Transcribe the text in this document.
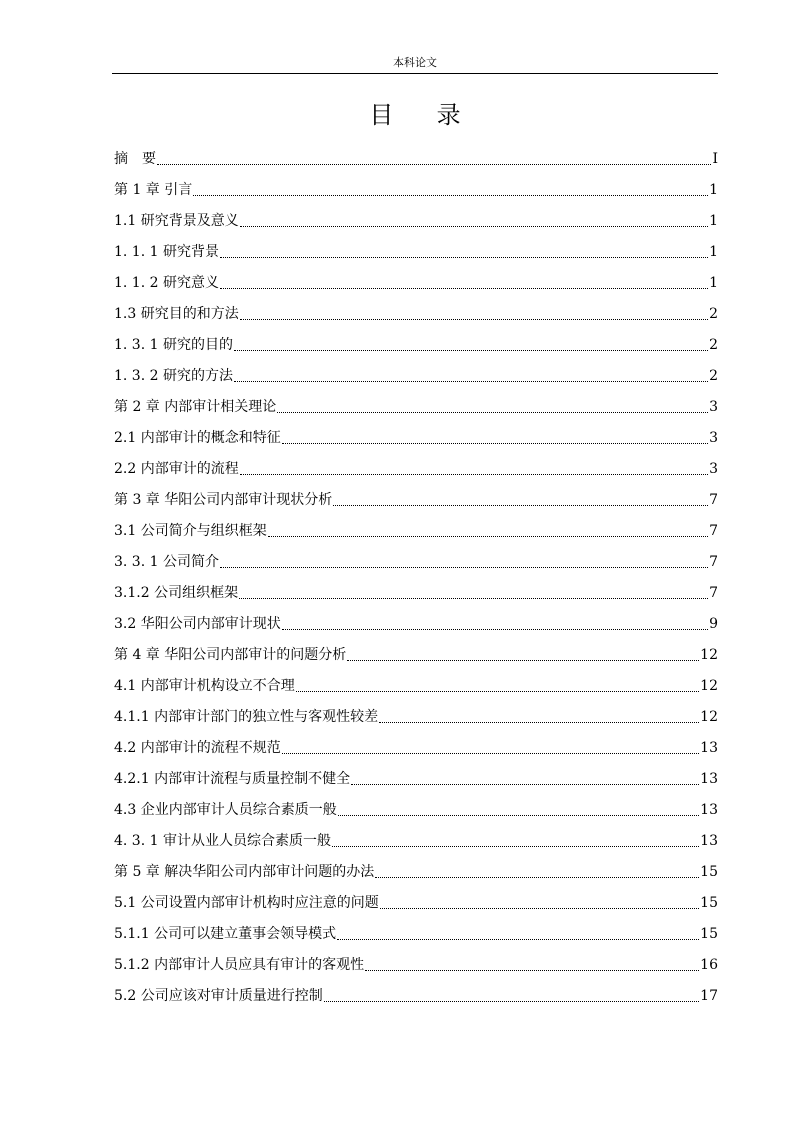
本科论文
目 录
摘　要	I
第 1 章 引言	1
1.1 研究背景及意义	1
1. 1. 1 研究背景	1
1. 1. 2 研究意义	1
1.3 研究目的和方法	2
1. 3. 1 研究的目的	2
1. 3. 2 研究的方法	2
第 2 章 内部审计相关理论	3
2.1 内部审计的概念和特征	3
2.2 内部审计的流程	3
第 3 章 华阳公司内部审计现状分析	7
3.1 公司简介与组织框架	7
3. 3. 1 公司简介	7
3.1.2 公司组织框架	7
3.2 华阳公司内部审计现状	9
第 4 章 华阳公司内部审计的问题分析	12
4.1 内部审计机构设立不合理	12
4.1.1 内部审计部门的独立性与客观性较差	12
4.2 内部审计的流程不规范	13
4.2.1 内部审计流程与质量控制不健全	13
4.3 企业内部审计人员综合素质一般	13
4. 3. 1 审计从业人员综合素质一般	13
第 5 章 解决华阳公司内部审计问题的办法	15
5.1 公司设置内部审计机构时应注意的问题	15
5.1.1 公司可以建立董事会领导模式	15
5.1.2 内部审计人员应具有审计的客观性	16
5.2 公司应该对审计质量进行控制	17
